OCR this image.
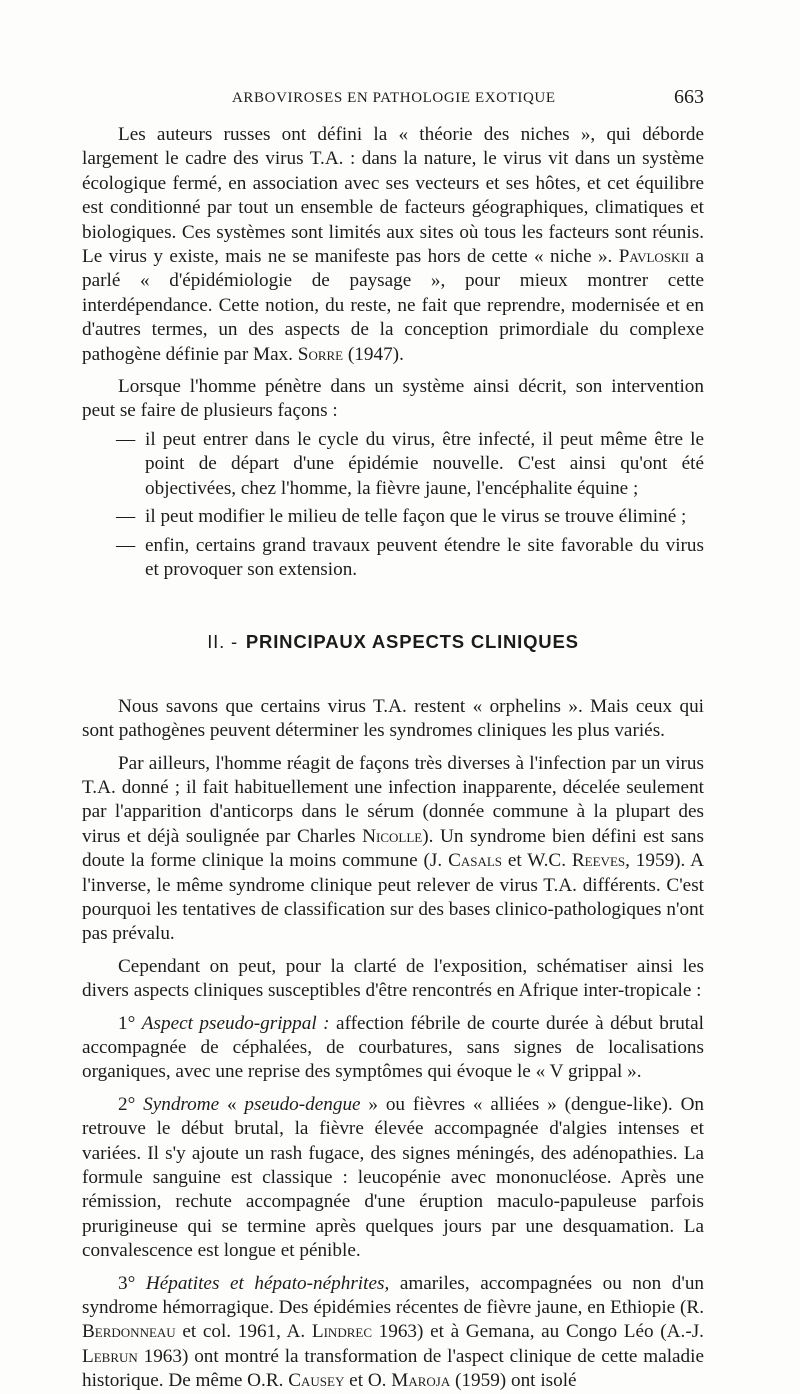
ARBOVIROSES EN PATHOLOGIE EXOTIQUE	663

Les auteurs russes ont défini la « théorie des niches », qui déborde largement le cadre des virus T.A. : dans la nature, le virus vit dans un système écologique fermé, en association avec ses vecteurs et ses hôtes, et cet équilibre est conditionné par tout un ensemble de facteurs géographiques, climatiques et biologiques. Ces systèmes sont limités aux sites où tous les facteurs sont réunis. Le virus y existe, mais ne se manifeste pas hors de cette « niche ». Pavloskii a parlé « d'épidémiologie de paysage », pour mieux montrer cette interdépendance. Cette notion, du reste, ne fait que reprendre, modernisée et en d'autres termes, un des aspects de la conception primordiale du complexe pathogène définie par Max. Sorre (1947).

Lorsque l'homme pénètre dans un système ainsi décrit, son intervention peut se faire de plusieurs façons :

— il peut entrer dans le cycle du virus, être infecté, il peut même être le point de départ d'une épidémie nouvelle. C'est ainsi qu'ont été objectivées, chez l'homme, la fièvre jaune, l'encéphalite équine ;
— il peut modifier le milieu de telle façon que le virus se trouve éliminé ;
— enfin, certains grand travaux peuvent étendre le site favorable du virus et provoquer son extension.
II. - PRINCIPAUX ASPECTS CLINIQUES

Nous savons que certains virus T.A. restent « orphelins ». Mais ceux qui sont pathogènes peuvent déterminer les syndromes cliniques les plus variés.

Par ailleurs, l'homme réagit de façons très diverses à l'infection par un virus T.A. donné ; il fait habituellement une infection inapparente, décelée seulement par l'apparition d'anticorps dans le sérum (donnée commune à la plupart des virus et déjà soulignée par Charles Nicolle). Un syndrome bien défini est sans doute la forme clinique la moins commune (J. Casals et W.C. Reeves, 1959). A l'inverse, le même syndrome clinique peut relever de virus T.A. différents. C'est pourquoi les tentatives de classification sur des bases clinico-pathologiques n'ont pas prévalu.

Cependant on peut, pour la clarté de l'exposition, schématiser ainsi les divers aspects cliniques susceptibles d'être rencontrés en Afrique inter-tropicale :

1° Aspect pseudo-grippal : affection fébrile de courte durée à début brutal accompagnée de céphalées, de courbatures, sans signes de localisations organiques, avec une reprise des symptômes qui évoque le « V grippal ».

2° Syndrome « pseudo-dengue » ou fièvres « alliées » (dengue-like). On retrouve le début brutal, la fièvre élevée accompagnée d'algies intenses et variées. Il s'y ajoute un rash fugace, des signes méningés, des adénopathies. La formule sanguine est classique : leucopénie avec mononucléose. Après une rémission, rechute accompagnée d'une éruption maculo-papuleuse parfois prurigineuse qui se termine après quelques jours par une desquamation. La convalescence est longue et pénible.

3° Hépatites et hépato-néphrites, amariles, accompagnées ou non d'un syndrome hémorragique. Des épidémies récentes de fièvre jaune, en Ethiopie (R. Berdonneau et col. 1961, A. Lindrec 1963) et à Gemana, au Congo Léo (A.-J. Lebrun 1963) ont montré la transformation de l'aspect clinique de cette maladie historique. De même O.R. Causey et O. Maroja (1959) ont isolé
